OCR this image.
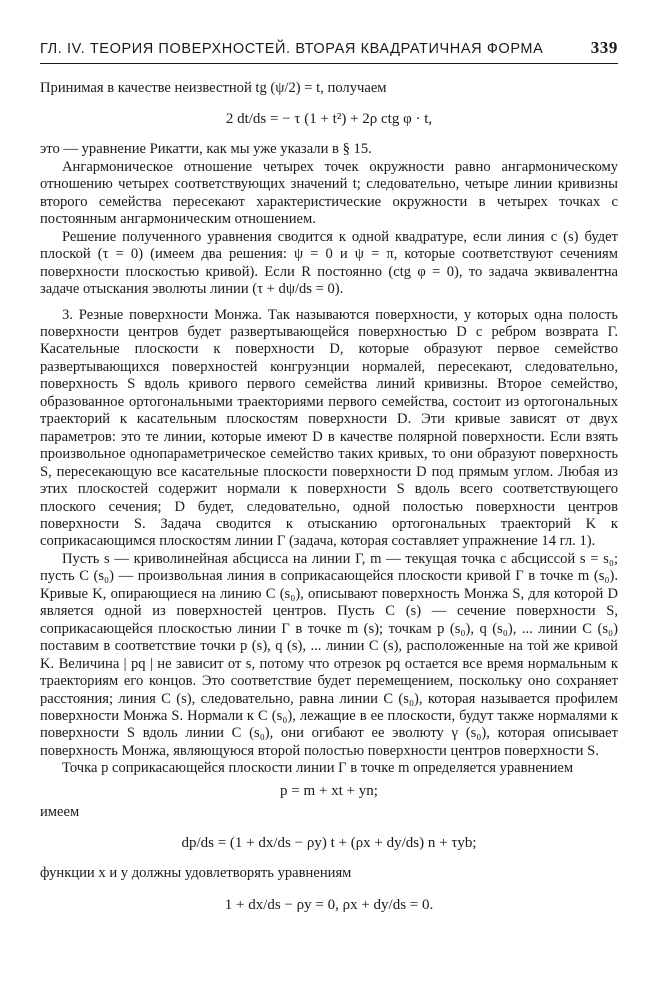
ГЛ. IV. ТЕОРИЯ ПОВЕРХНОСТЕЙ. ВТОРАЯ КВАДРАТИЧНАЯ ФОРМА	339

Принимая в качестве неизвестной tg (ψ/2) = t, получаем

2 dt/ds = − τ (1 + t²) + 2ρ ctg φ · t,

это — уравнение Рикатти, как мы уже указали в § 15.

Ангармоническое отношение четырех точек окружности равно ангармоническому отношению четырех соответствующих значений t; следовательно, четыре линии кривизны второго семейства пересекают характеристические окружности в четырех точках с постоянным ангармоническим отношением.

Решение полученного уравнения сводится к одной квадратуре, если линия c (s) будет плоской (τ = 0) (имеем два решения: ψ = 0 и ψ = π, которые соответствуют сечениям поверхности плоскостью кривой). Если R постоянно (ctg φ = 0), то задача эквивалентна задаче отыскания эволюты линии (τ + dψ/ds = 0).

3. Резные поверхности Монжа. Так называются поверхности, у которых одна полость поверхности центров будет развертывающейся поверхностью D с ребром возврата Γ. Касательные плоскости к поверхности D, которые образуют первое семейство развертывающихся поверхностей конгруэнции нормалей, пересекают, следовательно, поверхность S вдоль кривого первого семейства линий кривизны. Второе семейство, образованное ортогональными траекториями первого семейства, состоит из ортогональных траекторий к касательным плоскостям поверхности D. Эти кривые зависят от двух параметров: это те линии, которые имеют D в качестве полярной поверхности. Если взять произвольное однопараметрическое семейство таких кривых, то они образуют поверхность S, пересекающую все касательные плоскости поверхности D под прямым углом. Любая из этих плоскостей содержит нормали к поверхности S вдоль всего соответствующего плоского сечения; D будет, следовательно, одной полостью поверхности центров поверхности S. Задача сводится к отысканию ортогональных траекторий K к соприкасающимся плоскостям линии Γ (задача, которая составляет упражнение 14 гл. 1).

Пусть s — криволинейная абсцисса на линии Γ, m — текущая точка с абсциссой s = s₀; пусть C (s₀) — произвольная линия в соприкасающейся плоскости кривой Γ в точке m (s₀). Кривые K, опирающиеся на линию C (s₀), описывают поверхность Монжа S, для которой D является одной из поверхностей центров. Пусть C (s) — сечение поверхности S, соприкасающейся плоскостью линии Γ в точке m (s); точкам p (s₀), q (s₀), ... линии C (s₀) поставим в соответствие точки p (s), q (s), ... линии C (s), расположенные на той же кривой K. Величина | pq | не зависит от s, потому что отрезок pq остается все время нормальным к траекториям его концов. Это соответствие будет перемещением, поскольку оно сохраняет расстояния; линия C (s), следовательно, равна линии C (s₀), которая называется профилем поверхности Монжа S. Нормали к C (s₀), лежащие в ее плоскости, будут также нормалями к поверхности S вдоль линии C (s₀), они огибают ее эволюту γ (s₀), которая описывает поверхность Монжа, являющуюся второй полостью поверхности центров поверхности S.

Точка p соприкасающейся плоскости линии Γ в точке m определяется уравнением

p = m + xt + yn;

имеем

dp/ds = (1 + dx/ds − ρy) t + (ρx + dy/ds) n + τyb;

функции x и y должны удовлетворять уравнениям

1 + dx/ds − ρy = 0, ρx + dy/ds = 0.
